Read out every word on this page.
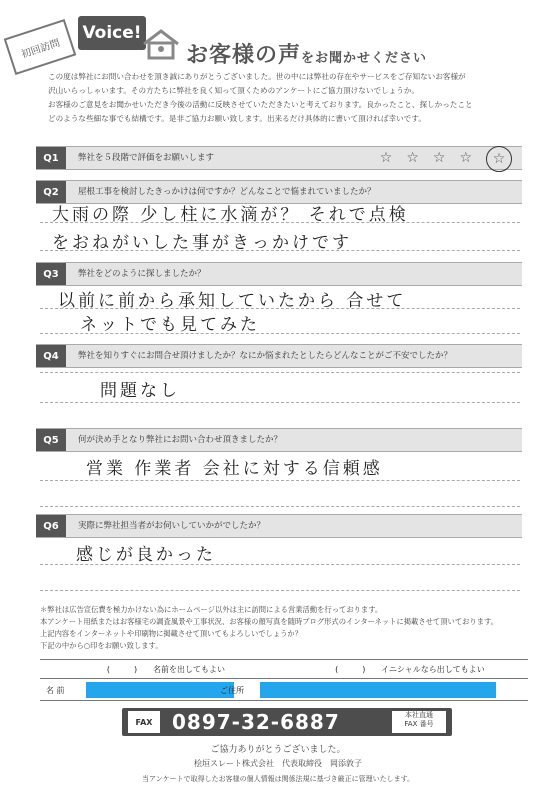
初回訪問
Voice!
お客様の声をお聞かせください

この度は弊社にお問い合わせを頂き誠にありがとうございました。世の中には弊社の存在やサービスをご存知ないお客様が

沢山いらっしゃいます。その方たちに弊社を良く知って頂くためのアンケートにご協力頂けないでしょうか。

お客様のご意見をお聞かせいただき今後の活動に反映させていただきたいと考えております。良かったこと、探しかったこと

どのような些細な事でも結構です。是非ご協力お願い致します。出来るだけ具体的に書いて頂ければ幸いです。

Q1	弊社を５段階で評価をお願いします	☆ ☆ ☆ ☆ ☆
Q2	屋根工事を検討したきっかけは何ですか？どんなことで悩まれていましたか？
大雨の際 少し柱に水滴が？ それで点検
をおねがいした事がきっかけです
Q3	弊社をどのように探しましたか？
以前に前から承知していたから 合せて
ネットでも見てみた
Q4	弊社を知りすぐにお問合せ頂けましたか？なにか悩まれたとしたらどんなことがご不安でしたか？
問題なし
Q5	何が決め手となり弊社にお問い合わせ頂きましたか？
営業 作業者 会社に対する信頼感
Q6	実際に弊社担当者がお伺いしていかがでしたか？
感じが良かった

＊弊社は広告宣伝費を極力かけない為にホームページ以外は主に訪問による営業活動を行っております。

本アンケート用紙またはお客様宅の調査風景や工事状況、お客様の顔写真を随時ブログ形式のインターネットに掲載させて頂いております。

上記内容をインターネットや印刷物に掲載させて頂いてもよろしいでしょうか？

下記の中から○印をお願い致します。

(　　　)	名前を出してもよい	(　　　)	イニシャルなら出してもよい
名 前	ご住所
FAX 0897-32-6887	本社直通
FAX 番号
ご協力ありがとうございました。
桧垣スレート株式会社　代表取締役　岡添敦子
当アンケートで取得したお客様の個人情報は関係法規に基づき厳正に管理いたします。
